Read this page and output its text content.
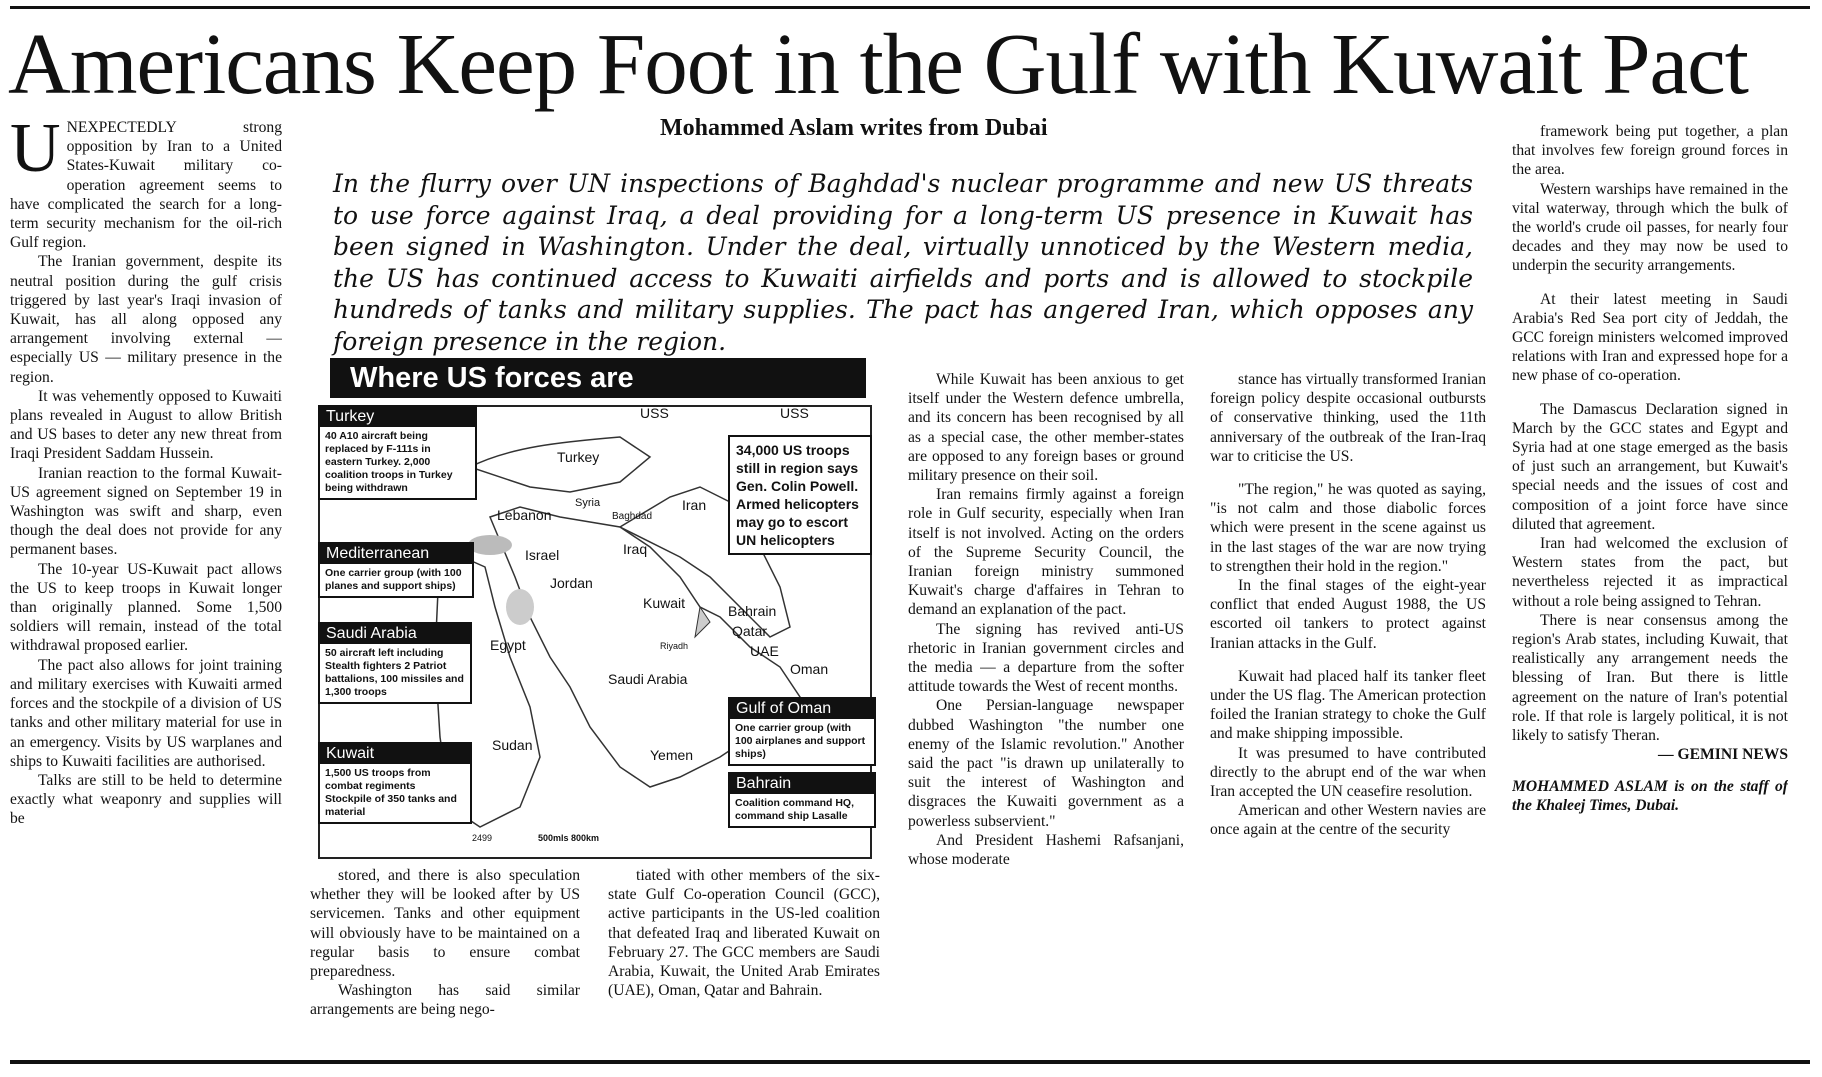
Americans Keep Foot in the Gulf with Kuwait Pact
Mohammed Aslam writes from Dubai
In the flurry over UN inspections of Baghdad's nuclear programme and new US threats to use force against Iraq, a deal providing for a long-term US presence in Kuwait has been signed in Washington. Under the deal, virtually unnoticed by the Western media, the US has continued access to Kuwaiti airfields and ports and is allowed to stockpile hundreds of tanks and military supplies. The pact has angered Iran, which opposes any foreign presence in the region.

UNEXPECTEDLY strong opposition by Iran to a United States-Kuwait military co-operation agreement seems to have complicated the search for a long-term security mechanism for the oil-rich Gulf region.

The Iranian government, despite its neutral position during the gulf crisis triggered by last year's Iraqi invasion of Kuwait, has all along opposed any arrangement involving external — especially US — military presence in the region.

It was vehemently opposed to Kuwaiti plans revealed in August to allow British and US bases to deter any new threat from Iraqi President Saddam Hussein.

Iranian reaction to the formal Kuwait-US agreement signed on September 19 in Washington was swift and sharp, even though the deal does not provide for any permanent bases.

The 10-year US-Kuwait pact allows the US to keep troops in Kuwait longer than originally planned. Some 1,500 soldiers will remain, instead of the total withdrawal proposed earlier.

The pact also allows for joint training and military exercises with Kuwaiti armed forces and the stockpile of a division of US tanks and other military material for use in an emergency. Visits by US warplanes and ships to Kuwaiti facilities are authorised.

Talks are still to be held to determine exactly what weaponry and supplies will be

stored, and there is also speculation whether they will be looked after by US servicemen. Tanks and other equipment will obviously have to be maintained on a regular basis to ensure combat preparedness.

Washington has said similar arrangements are being nego-

tiated with other members of the six-state Gulf Co-operation Council (GCC), active participants in the US-led coalition that defeated Iraq and liberated Kuwait on February 27. The GCC members are Saudi Arabia, Kuwait, the United Arab Emirates (UAE), Oman, Qatar and Bahrain.

While Kuwait has been anxious to get itself under the Western defence umbrella, and its concern has been recognised by all as a special case, the other member-states are opposed to any foreign bases or ground military presence on their soil.

Iran remains firmly against a foreign role in Gulf security, especially when Iran itself is not involved. Acting on the orders of the Supreme Security Council, the Iranian foreign ministry summoned Kuwait's charge d'affaires in Tehran to demand an explanation of the pact.

The signing has revived anti-US rhetoric in Iranian government circles and the media — a departure from the softer attitude towards the West of recent months.

One Persian-language newspaper dubbed Washington "the number one enemy of the Islamic revolution." Another said the pact "is drawn up unilaterally to suit the interest of Washington and disgraces the Kuwaiti government as a powerless subservient."

And President Hashemi Rafsanjani, whose moderate

stance has virtually transformed Iranian foreign policy despite occasional outbursts of conservative thinking, used the 11th anniversary of the outbreak of the Iran-Iraq war to criticise the US.

"The region," he was quoted as saying, "is not calm and those diabolic forces which were present in the scene against us in the last stages of the war are now trying to strengthen their hold in the region."

In the final stages of the eight-year conflict that ended August 1988, the US escorted oil tankers to protect against Iranian attacks in the Gulf.

Kuwait had placed half its tanker fleet under the US flag. The American protection foiled the Iranian strategy to choke the Gulf and make shipping impossible.

It was presumed to have contributed directly to the abrupt end of the war when Iran accepted the UN ceasefire resolution.

American and other Western navies are once again at the centre of the security

framework being put together, a plan that involves few foreign ground forces in the area.

Western warships have remained in the vital waterway, through which the bulk of the world's crude oil passes, for nearly four decades and they may now be used to underpin the security arrangements.

At their latest meeting in Saudi Arabia's Red Sea port city of Jeddah, the GCC foreign ministers welcomed improved relations with Iran and expressed hope for a new phase of co-operation.

The Damascus Declaration signed in March by the GCC states and Egypt and Syria had at one stage emerged as the basis of just such an arrangement, but Kuwait's special needs and the issues of cost and composition of a joint force have since diluted that agreement.

Iran had welcomed the exclusion of Western states from the pact, but nevertheless rejected it as impractical without a role being assigned to Tehran.

There is near consensus among the region's Arab states, including Kuwait, that realistically any arrangement needs the blessing of Iran. But there is little agreement on the nature of Iran's potential role. If that role is largely political, it is not likely to satisfy Theran.

— GEMINI NEWS

MOHAMMED ASLAM is on the staff of the Khaleej Times, Dubai.

USS	USS
Turkey
Syria	Iran
Lebanon	Baghdad
Israel	Iraq
Jordan
Kuwait	Bahrain
Qatar
UAE
Oman
Egypt	Riyadh
Saudi Arabia
Sudan
Yemen
2499	500mls 800km
Turkey
40 A10 aircraft being replaced by F-111s in eastern Turkey. 2,000 coalition troops in Turkey being withdrawn
Mediterranean
One carrier group (with 100 planes and support ships)
Saudi Arabia
50 aircraft left including Stealth fighters 2 Patriot battalions, 100 missiles and 1,300 troops
Kuwait
1,500 US troops from combat regiments Stockpile of 350 tanks and material
34,000 US troops still in region says Gen. Colin Powell. Armed helicopters may go to escort UN helicopters
Gulf of Oman
One carrier group (with 100 airplanes and support ships)
Bahrain
Coalition command HQ, command ship Lasalle
Where US forces are
